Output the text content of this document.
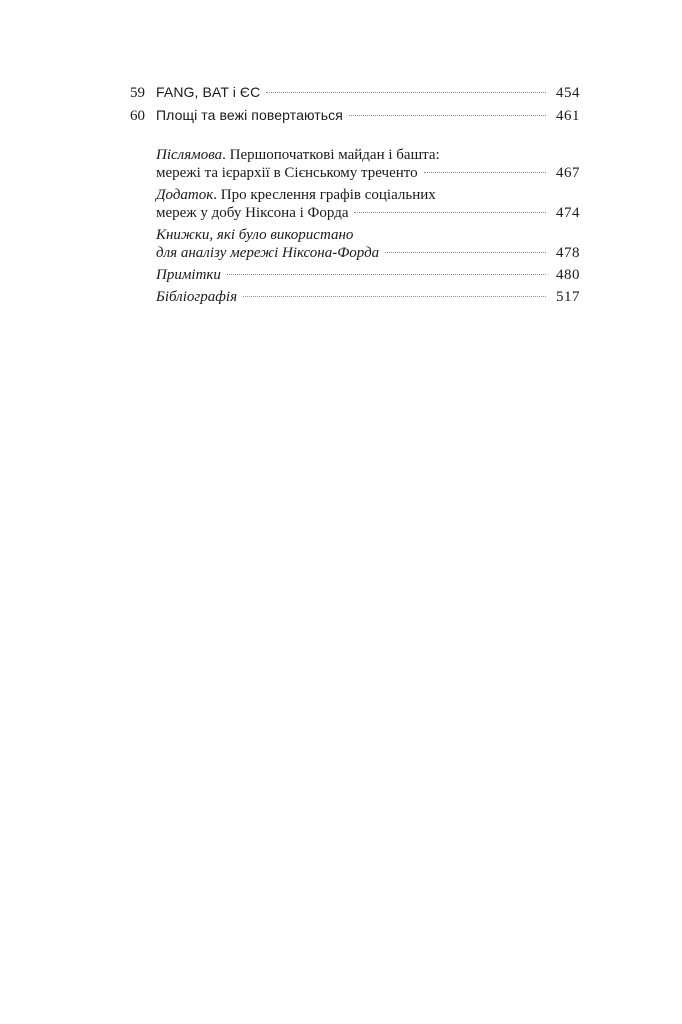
59 FANG, BAT і ЄС	454
60 Площі та вежі повертаються	461
Післямова. Першопочаткові майдан і башта:
мережі та ієрархії в Сієнському треченто	467
Додаток. Про креслення графів соціальних
мереж у добу Ніксона і Форда	474
Книжки, які було використано
для аналізу мережі Ніксона-Форда	478
Примітки	480
Бібліографія	517
